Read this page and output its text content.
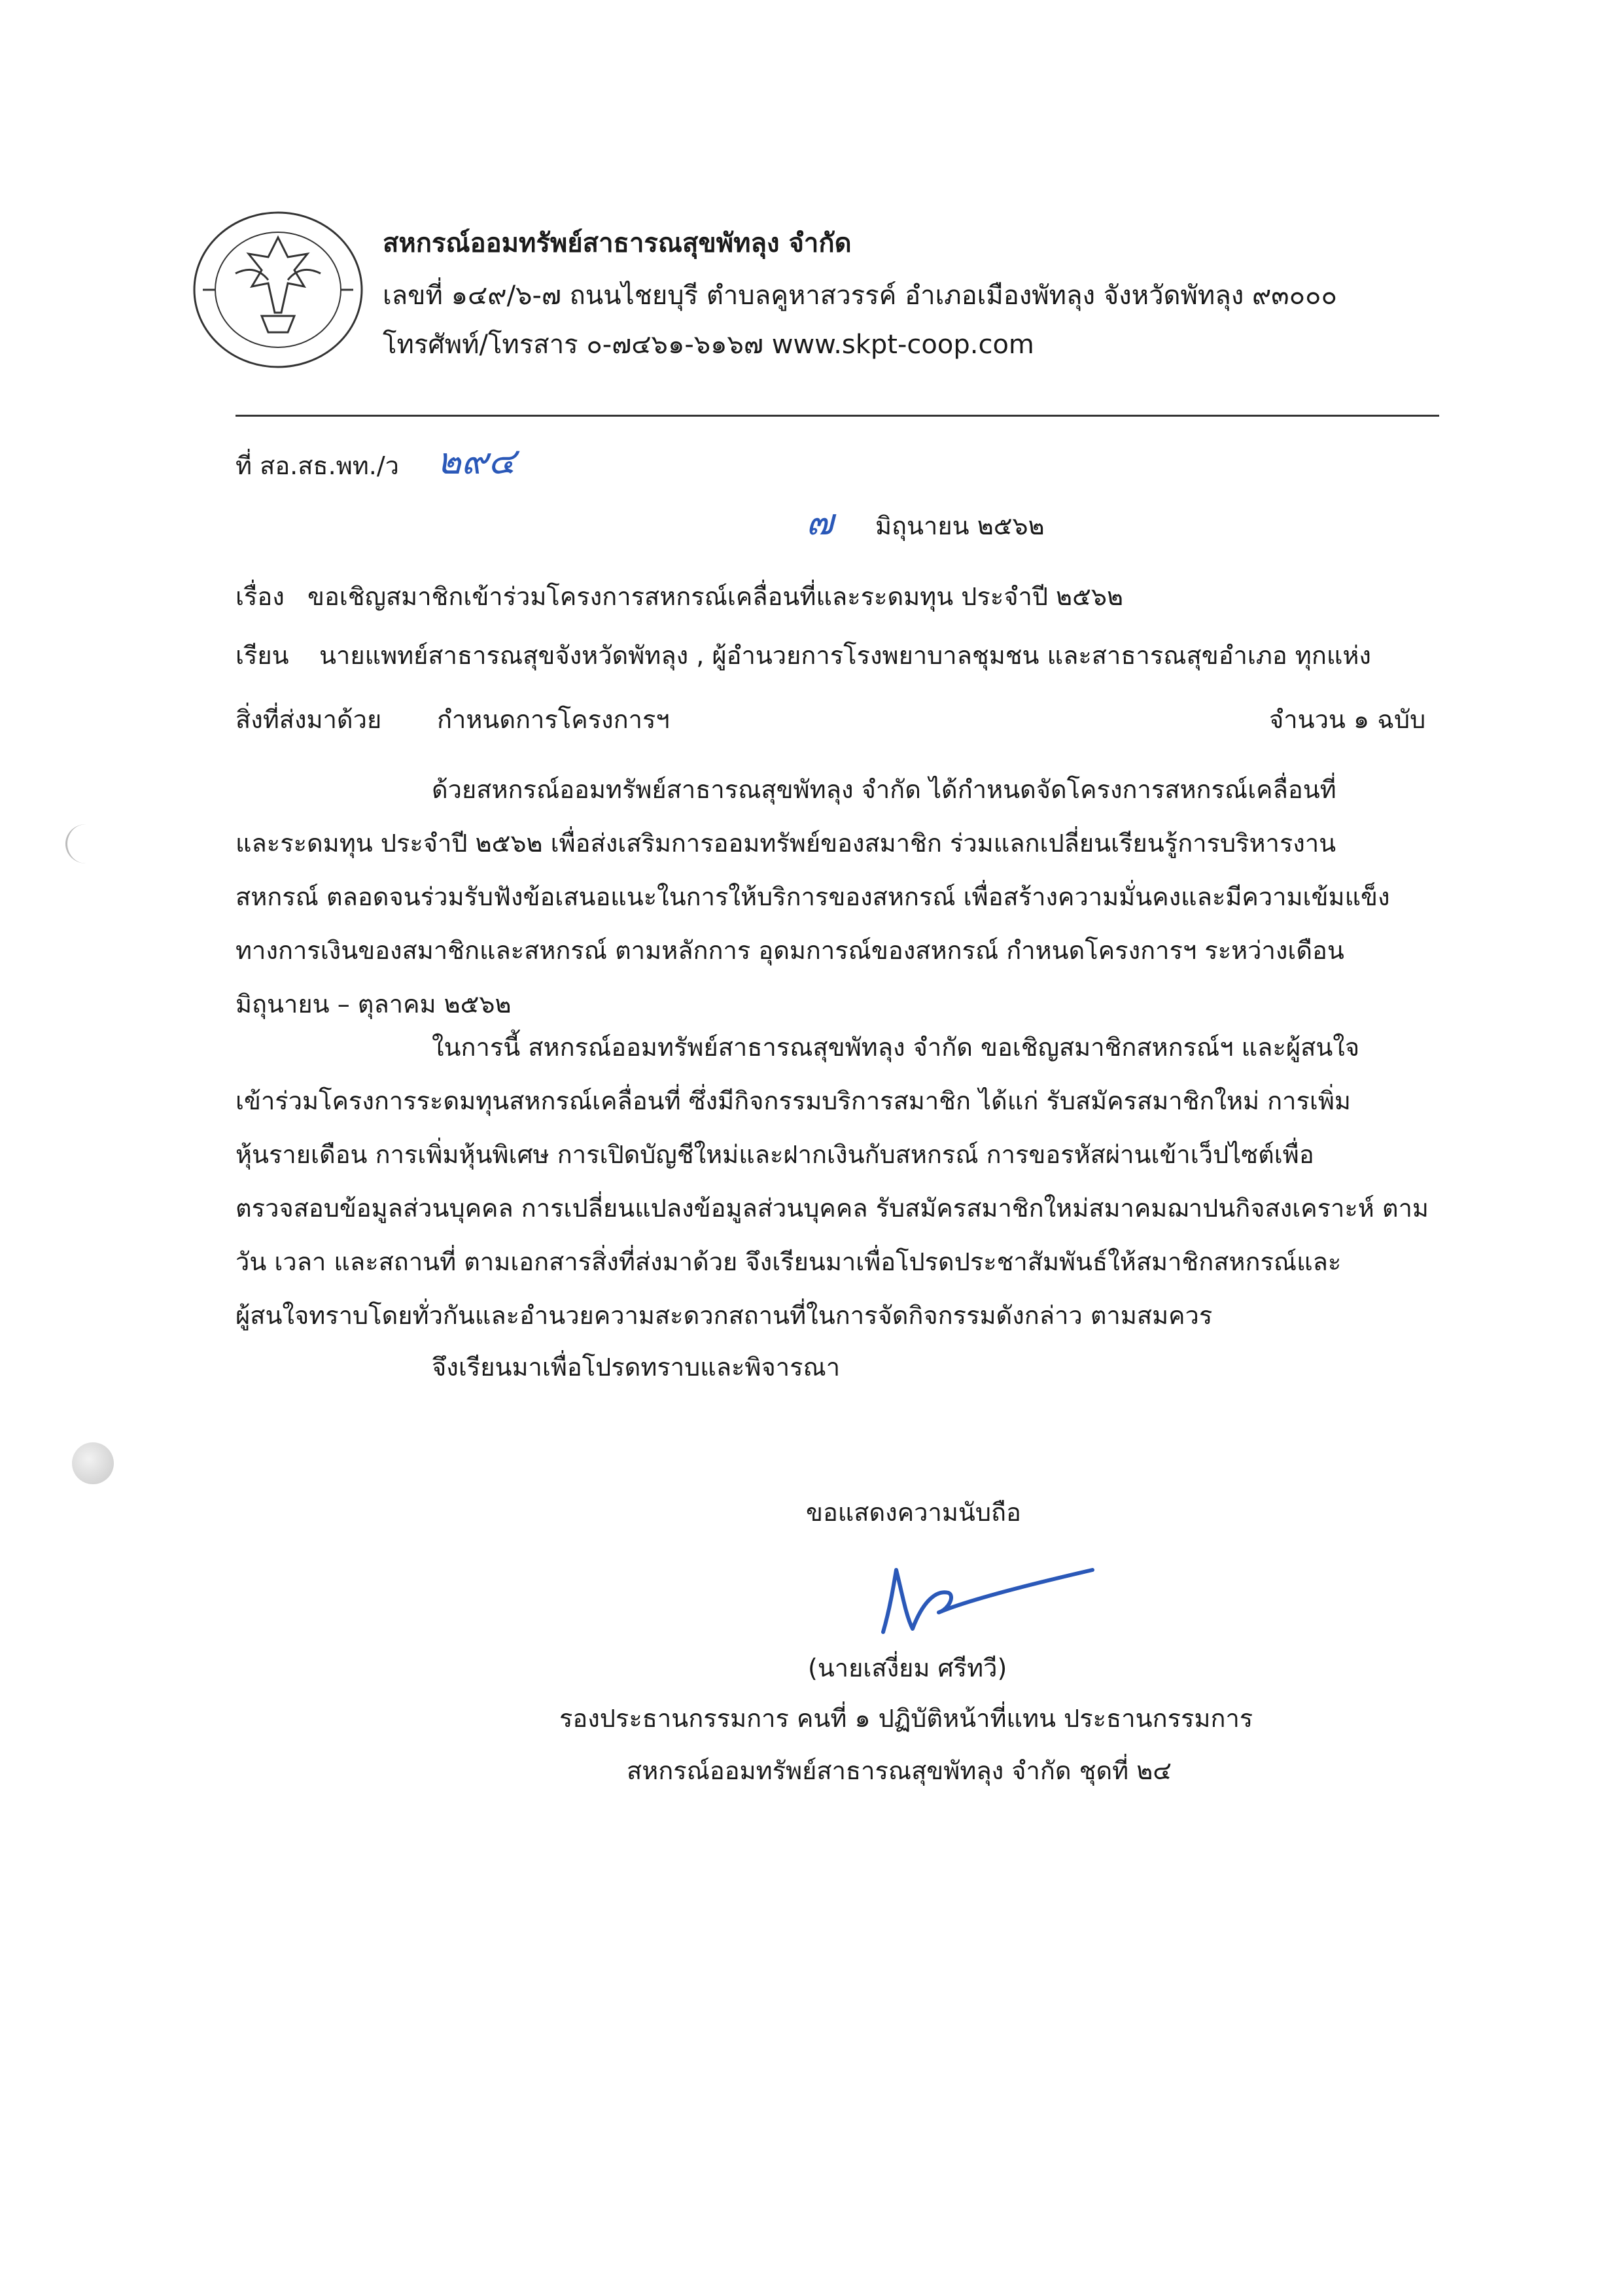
สหกรณ์ออมทรัพย์สาธารณสุขพัทลุง จำกัด
เลขที่ ๑๔๙/๖-๗ ถนนไชยบุรี ตำบลคูหาสวรรค์ อำเภอเมืองพัทลุง จังหวัดพัทลุง ๙๓๐๐๐
โทรศัพท์/โทรสาร ๐-๗๔๖๑-๖๑๖๗ www.skpt-coop.com
ที่ สอ.สธ.พท./ว ๒๙๔
๗ มิถุนายน ๒๕๖๒
เรื่อง ขอเชิญสมาชิกเข้าร่วมโครงการสหกรณ์เคลื่อนที่และระดมทุน ประจำปี ๒๕๖๒
เรียน นายแพทย์สาธารณสุขจังหวัดพัทลุง , ผู้อำนวยการโรงพยาบาลชุมชน และสาธารณสุขอำเภอ ทุกแห่ง
สิ่งที่ส่งมาด้วย กำหนดการโครงการฯ	จำนวน ๑ ฉบับ
ด้วยสหกรณ์ออมทรัพย์สาธารณสุขพัทลุง จำกัด ได้กำหนดจัดโครงการสหกรณ์เคลื่อนที่
และระดมทุน ประจำปี ๒๕๖๒ เพื่อส่งเสริมการออมทรัพย์ของสมาชิก ร่วมแลกเปลี่ยนเรียนรู้การบริหารงาน
สหกรณ์ ตลอดจนร่วมรับฟังข้อเสนอแนะในการให้บริการของสหกรณ์ เพื่อสร้างความมั่นคงและมีความเข้มแข็ง
ทางการเงินของสมาชิกและสหกรณ์ ตามหลักการ อุดมการณ์ของสหกรณ์ กำหนดโครงการฯ ระหว่างเดือน
มิถุนายน – ตุลาคม ๒๕๖๒
ในการนี้ สหกรณ์ออมทรัพย์สาธารณสุขพัทลุง จำกัด ขอเชิญสมาชิกสหกรณ์ฯ และผู้สนใจ
เข้าร่วมโครงการระดมทุนสหกรณ์เคลื่อนที่ ซึ่งมีกิจกรรมบริการสมาชิก ได้แก่ รับสมัครสมาชิกใหม่ การเพิ่ม
หุ้นรายเดือน การเพิ่มหุ้นพิเศษ การเปิดบัญชีใหม่และฝากเงินกับสหกรณ์ การขอรหัสผ่านเข้าเว็ปไซต์เพื่อ
ตรวจสอบข้อมูลส่วนบุคคล การเปลี่ยนแปลงข้อมูลส่วนบุคคล รับสมัครสมาชิกใหม่สมาคมฌาปนกิจสงเคราะห์ ตาม
วัน เวลา และสถานที่ ตามเอกสารสิ่งที่ส่งมาด้วย จึงเรียนมาเพื่อโปรดประชาสัมพันธ์ให้สมาชิกสหกรณ์และ
ผู้สนใจทราบโดยทั่วกันและอำนวยความสะดวกสถานที่ในการจัดกิจกรรมดังกล่าว ตามสมควร
จึงเรียนมาเพื่อโปรดทราบและพิจารณา
ขอแสดงความนับถือ
(นายเสงี่ยม ศรีทวี)
รองประธานกรรมการ คนที่ ๑ ปฏิบัติหน้าที่แทน ประธานกรรมการ
สหกรณ์ออมทรัพย์สาธารณสุขพัทลุง จำกัด ชุดที่ ๒๔
